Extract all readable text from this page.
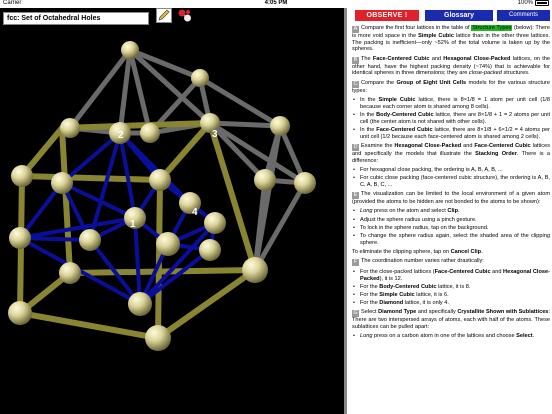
Carrier	4:05 PM	100%
1
2	3
4
fcc: Set of Octahedral Holes	OBSERVE !	Glossary	Comments

A Compare the first four lattices in the table of Structure Types (below): There is more void space in the Simple Cubic lattice than in the other three lattices. The packing is inefficient—only ~52% of the total volume is taken up by the spheres.

B The Face-Centered Cubic and Hexagonal Close-Packed lattices, on the other hand, have the highest packing density (~74%) that is achievable for identical spheres in three dimensions; they are close-packed structures.

C Compare the Group of Eight Unit Cells models for the various structure types:

• In the Simple Cubic lattice, there is 8×1/8 = 1 atom per unit cell (1/8 because each corner atom is shared among 8 cells).
• In the Body-Centered Cubic lattice, there are 8×1/8 + 1 = 2 atoms per unit cell (the center atom is not shared with other cells).
• In the Face-Centered Cubic lattice, there are 8×1/8 + 6×1/2 = 4 atoms per unit cell (1/2 because each face-centered atom is shared among 2 cells).

D Examine the Hexagonal Close-Packed and Face-Centered Cubic lattices and specifically the models that illustrate the Stacking Order. There is a difference:

• For hexagonal close packing, the ordering is A, B, A, B, ...
• For cubic close packing (face-centered cubic structure), the ordering is A, B, C, A, B, C, ...

E The visualization can be limited to the local environment of a given atom (provided the atoms to be hidden are not bonded to the atoms to be shown):

• Long press on the atom and select Clip.
• Adjust the sphere radius using a pinch gesture.
• To lock in the sphere radius, tap on the background.
• To change the sphere radius again, select the shaded area of the clipping sphere.

To eliminate the clipping sphere, tap on Cancel Clip.

F The coordination number varies rather drastically:

• For the close-packed lattices (Face-Centered Cubic and Hexagonal Close-Packed), it is 12.
• For the Body-Centered Cubic lattice, it is 8.
• For the Simple Cubic lattice, it is 6.
• For the Diamond lattice, it is only 4.

G Select Diamond Type and specifically Crystallite Shown with Sublattices: There are two interspersed arrays of atoms, each with half of the atoms. These sublattices can be pulled apart:

• Long press on a carbon atom in one of the lattices and choose Select.
